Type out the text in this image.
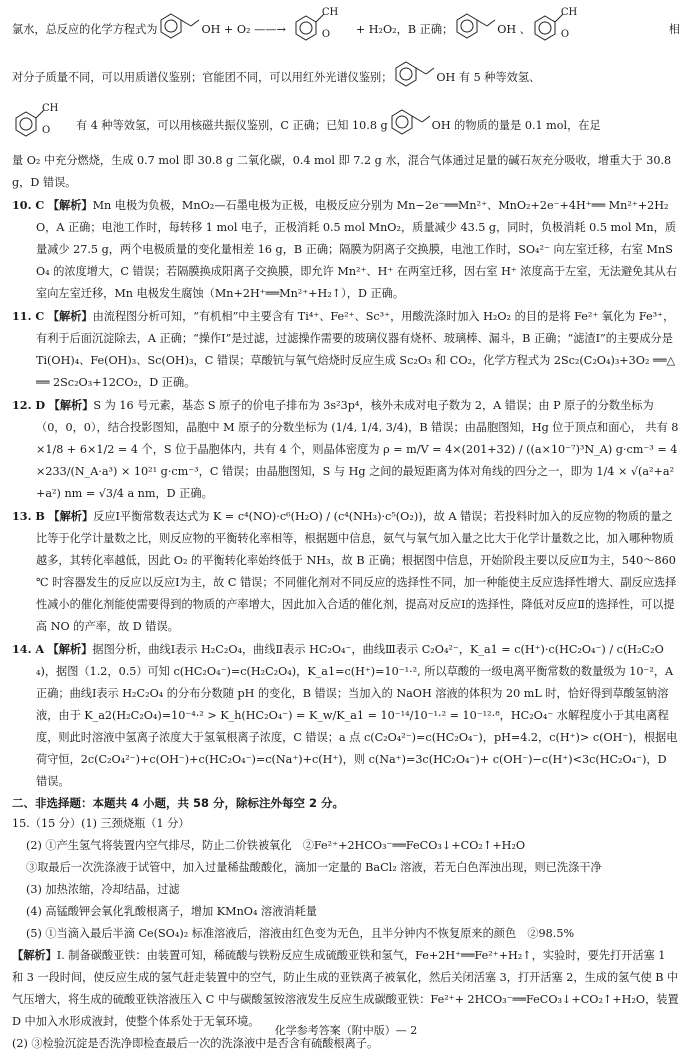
氯水，总反应的化学方程式为	OH + O₂ ——→
CHO	+ H₂O₂，B 正确；	OH 、
CHO	相
对分子质量不同，可以用质谱仪鉴别；官能团不同，可以用红外光谱仪鉴别；	OH 有 5 种等效氢、
CHO	有 4 种等效氢，可以用核磁共振仪鉴别，C 正确；已知 10.8 g	OH 的物质的量是 0.1 mol，在足

量 O₂ 中充分燃烧，生成 0.7 mol 即 30.8 g 二氧化碳，0.4 mol 即 7.2 g 水，混合气体通过足量的碱石灰充分吸收，增重大于 30.8 g，D 错误。

10. C 【解析】Mn 电极为负极，MnO₂—石墨电极为正极，电极反应分别为 Mn−2e⁻══Mn²⁺、MnO₂+2e⁻+4H⁺══ Mn²⁺+2H₂O，A 正确；电池工作时，每转移 1 mol 电子，正极消耗 0.5 mol MnO₂，质量减少 43.5 g，同时，负极消耗 0.5 mol Mn，质量减少 27.5 g，两个电极质量的变化量相差 16 g，B 正确；隔膜为阴离子交换膜，电池工作时，SO₄²⁻ 向左室迁移，右室 MnSO₄ 的浓度增大，C 错误；若隔膜换成阳离子交换膜，即允许 Mn²⁺、H⁺ 在两室迁移，因右室 H⁺ 浓度高于左室，无法避免其从右室向左室迁移，Mn 电极发生腐蚀（Mn+2H⁺══Mn²⁺+H₂↑），D 正确。

11. C 【解析】由流程图分析可知，“有机相”中主要含有 Ti⁴⁺、Fe²⁺、Sc³⁺，用酸洗涤时加入 H₂O₂ 的目的是将 Fe²⁺ 氧化为 Fe³⁺，有利于后面沉淀除去，A 正确；“操作Ⅰ”是过滤，过滤操作需要的玻璃仪器有烧杯、玻璃棒、漏斗，B 正确；“滤渣Ⅰ”的主要成分是 Ti(OH)₄、Fe(OH)₃、Sc(OH)₃，C 错误；草酸钪与氧气焙烧时反应生成 Sc₂O₃ 和 CO₂，化学方程式为 2Sc₂(C₂O₄)₃+3O₂ ══△══ 2Sc₂O₃+12CO₂，D 正确。

12. D 【解析】S 为 16 号元素，基态 S 原子的价电子排布为 3s²3p⁴，核外未成对电子数为 2，A 错误；由 P 原子的分数坐标为（0，0，0），结合投影图知，晶胞中 M 原子的分数坐标为 (1/4, 1/4, 3/4)，B 错误；由晶胞图知，Hg 位于顶点和面心， 共有 8×1/8 + 6×1/2 = 4 个，S 位于晶胞体内，共有 4 个，则晶体密度为 ρ = m/V = 4×(201+32) / ((a×10⁻⁷)³N_A) g·cm⁻³ = 4×233/(N_A·a³) × 10²¹ g·cm⁻³，C 错误；由晶胞图知，S 与 Hg 之间的最短距离为体对角线的四分之一，即为 1/4 × √(a²+a²+a²) nm = √3/4 a nm，D 正确。

13. B 【解析】反应Ⅰ平衡常数表达式为 K = c⁴(NO)·c⁶(H₂O) / (c⁴(NH₃)·c⁵(O₂))，故 A 错误；若投料时加入的反应物的物质的量之比等于化学计量数之比，则反应物的平衡转化率相等，根据题中信息，氨气与氧气加入量之比大于化学计量数之比，加入哪种物质越多，其转化率越低，因此 O₂ 的平衡转化率始终低于 NH₃，故 B 正确；根据图中信息，开始阶段主要以反应Ⅱ为主，540～860 ℃ 时容器发生的反应以反应Ⅰ为主，故 C 错误；不同催化剂对不同反应的选择性不同，加一种能使主反应选择性增大、副反应选择性减小的催化剂能使需要得到的物质的产率增大，因此加入合适的催化剂，提高对反应Ⅰ的选择性，降低对反应Ⅱ的选择性，可以提高 NO 的产率，故 D 错误。

14. A 【解析】据图分析，曲线Ⅰ表示 H₂C₂O₄，曲线Ⅱ表示 HC₂O₄⁻，曲线Ⅲ表示 C₂O₄²⁻，K_a1 = c(H⁺)·c(HC₂O₄⁻) / c(H₂C₂O₄)，据图（1.2，0.5）可知 c(HC₂O₄⁻)=c(H₂C₂O₄)，K_a1=c(H⁺)=10⁻¹·², 所以草酸的一级电离平衡常数的数量级为 10⁻²，A 正确；曲线Ⅰ表示 H₂C₂O₄ 的分布分数随 pH 的变化，B 错误；当加入的 NaOH 溶液的体积为 20 mL 时，恰好得到草酸氢钠溶液，由于 K_a2(H₂C₂O₄)=10⁻⁴·² > K_h(HC₂O₄⁻) = K_w/K_a1 = 10⁻¹⁴/10⁻¹·² = 10⁻¹²·⁸，HC₂O₄⁻ 水解程度小于其电离程度，则此时溶液中氢离子浓度大于氢氧根离子浓度，C 错误；a 点 c(C₂O₄²⁻)=c(HC₂O₄⁻)，pH=4.2，c(H⁺)> c(OH⁻)，根据电荷守恒，2c(C₂O₄²⁻)+c(OH⁻)+c(HC₂O₄⁻)=c(Na⁺)+c(H⁺)，则 c(Na⁺)=3c(HC₂O₄⁻)+ c(OH⁻)−c(H⁺)<3c(HC₂O₄⁻)，D 错误。

二、非选择题：本题共 4 小题，共 58 分，除标注外每空 2 分。

15.（15 分）(1) 三颈烧瓶（1 分）

(2) ①产生氢气将装置内空气排尽，防止二价铁被氧化　②Fe²⁺+2HCO₃⁻══FeCO₃↓+CO₂↑+H₂O

③取最后一次洗涤液于试管中，加入过量稀盐酸酸化，滴加一定量的 BaCl₂ 溶液，若无白色浑浊出现，则已洗涤干净

(3) 加热浓缩，冷却结晶，过滤

(4) 高锰酸钾会氧化乳酸根离子，增加 KMnO₄ 溶液消耗量

(5) ①当滴入最后半滴 Ce(SO₄)₂ 标准溶液后，溶液由红色变为无色，且半分钟内不恢复原来的颜色　②98.5%

【解析】Ⅰ. 制备碳酸亚铁：由装置可知，稀硫酸与铁粉反应生成硫酸亚铁和氢气，Fe+2H⁺══Fe²⁺+H₂↑，实验时，要先打开活塞 1 和 3 一段时间，使反应生成的氢气赶走装置中的空气，防止生成的亚铁离子被氧化，然后关闭活塞 3，打开活塞 2，生成的氢气使 B 中气压增大，将生成的硫酸亚铁溶液压入 C 中与碳酸氢铵溶液发生反应生成碳酸亚铁：Fe²⁺+ 2HCO₃⁻══FeCO₃↓+CO₂↑+H₂O，装置 D 中加入水形成液封，使整个体系处于无氧环境。

(2) ③检验沉淀是否洗净即检查最后一次的洗涤液中是否含有硫酸根离子。

化学参考答案（附中版）— 2
